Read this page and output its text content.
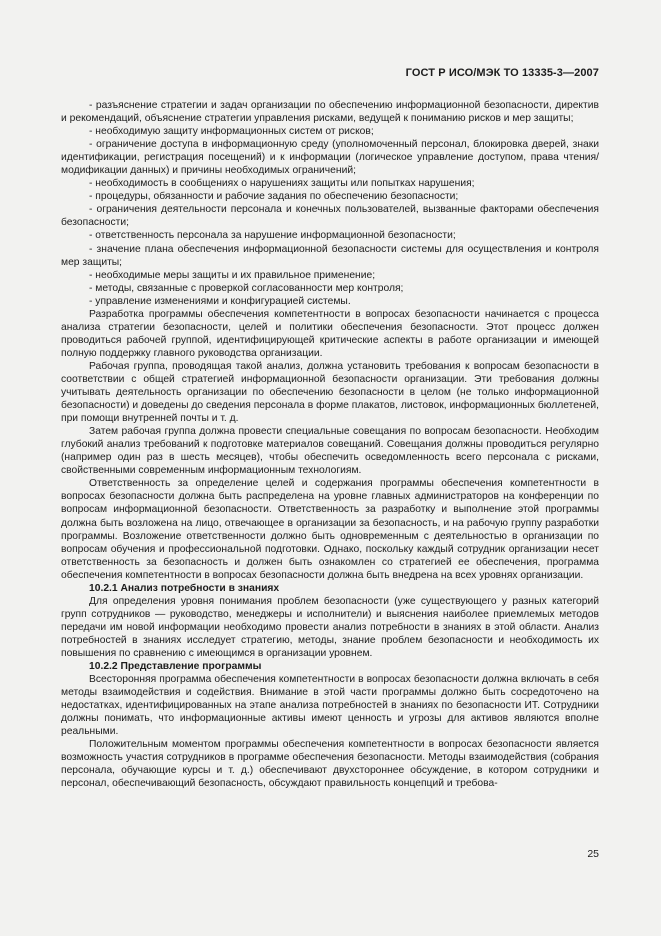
ГОСТ Р ИСО/МЭК ТО 13335-3—2007

- разъяснение стратегии и задач организации по обеспечению информационной безопасности, директив и рекомендаций, объяснение стратегии управления рисками, ведущей к пониманию рисков и мер защиты;

- необходимую защиту информационных систем от рисков;

- ограничение доступа в информационную среду (уполномоченный персонал, блокировка дверей, знаки идентификации, регистрация посещений) и к информации (логическое управление доступом, права чтения/модификации данных) и причины необходимых ограничений;

- необходимость в сообщениях о нарушениях защиты или попытках нарушения;

- процедуры, обязанности и рабочие задания по обеспечению безопасности;

- ограничения деятельности персонала и конечных пользователей, вызванные факторами обеспечения безопасности;

- ответственность персонала за нарушение информационной безопасности;

- значение плана обеспечения информационной безопасности системы для осуществления и контроля мер защиты;

- необходимые меры защиты и их правильное применение;

- методы, связанные с проверкой согласованности мер контроля;

- управление изменениями и конфигурацией системы.

Разработка программы обеспечения компетентности в вопросах безопасности начинается с процесса анализа стратегии безопасности, целей и политики обеспечения безопасности. Этот процесс должен проводиться рабочей группой, идентифицирующей критические аспекты в работе организации и имеющей полную поддержку главного руководства организации.

Рабочая группа, проводящая такой анализ, должна установить требования к вопросам безопасности в соответствии с общей стратегией информационной безопасности организации. Эти требования должны учитывать деятельность организации по обеспечению безопасности в целом (не только информационной безопасности) и доведены до сведения персонала в форме плакатов, листовок, информационных бюллетеней, при помощи внутренней почты и т. д.

Затем рабочая группа должна провести специальные совещания по вопросам безопасности. Необходим глубокий анализ требований к подготовке материалов совещаний. Совещания должны проводиться регулярно (например один раз в шесть месяцев), чтобы обеспечить осведомленность всего персонала с рисками, свойственными современным информационным технологиям.

Ответственность за определение целей и содержания программы обеспечения компетентности в вопросах безопасности должна быть распределена на уровне главных администраторов на конференции по вопросам информационной безопасности. Ответственность за разработку и выполнение этой программы должна быть возложена на лицо, отвечающее в организации за безопасность, и на рабочую группу разработки программы. Возложение ответственности должно быть одновременным с деятельностью в организации по вопросам обучения и профессиональной подготовки. Однако, поскольку каждый сотрудник организации несет ответственность за безопасность и должен быть ознакомлен со стратегией ее обеспечения, программа обеспечения компетентности в вопросах безопасности должна быть внедрена на всех уровнях организации.

10.2.1 Анализ потребности в знаниях

Для определения уровня понимания проблем безопасности (уже существующего у разных категорий групп сотрудников — руководство, менеджеры и исполнители) и выяснения наиболее приемлемых методов передачи им новой информации необходимо провести анализ потребности в знаниях в этой области. Анализ потребностей в знаниях исследует стратегию, методы, знание проблем безопасности и необходимость их повышения по сравнению с имеющимся в организации уровнем.

10.2.2 Представление программы

Всесторонняя программа обеспечения компетентности в вопросах безопасности должна включать в себя методы взаимодействия и содействия. Внимание в этой части программы должно быть сосредоточено на недостатках, идентифицированных на этапе анализа потребностей в знаниях по безопасности ИТ. Сотрудники должны понимать, что информационные активы имеют ценность и угрозы для активов являются вполне реальными.

Положительным моментом программы обеспечения компетентности в вопросах безопасности является возможность участия сотрудников в программе обеспечения безопасности. Методы взаимодействия (собрания персонала, обучающие курсы и т. д.) обеспечивают двухстороннее обсуждение, в котором сотрудники и персонал, обеспечивающий безопасность, обсуждают правильность концепций и требова-

25
